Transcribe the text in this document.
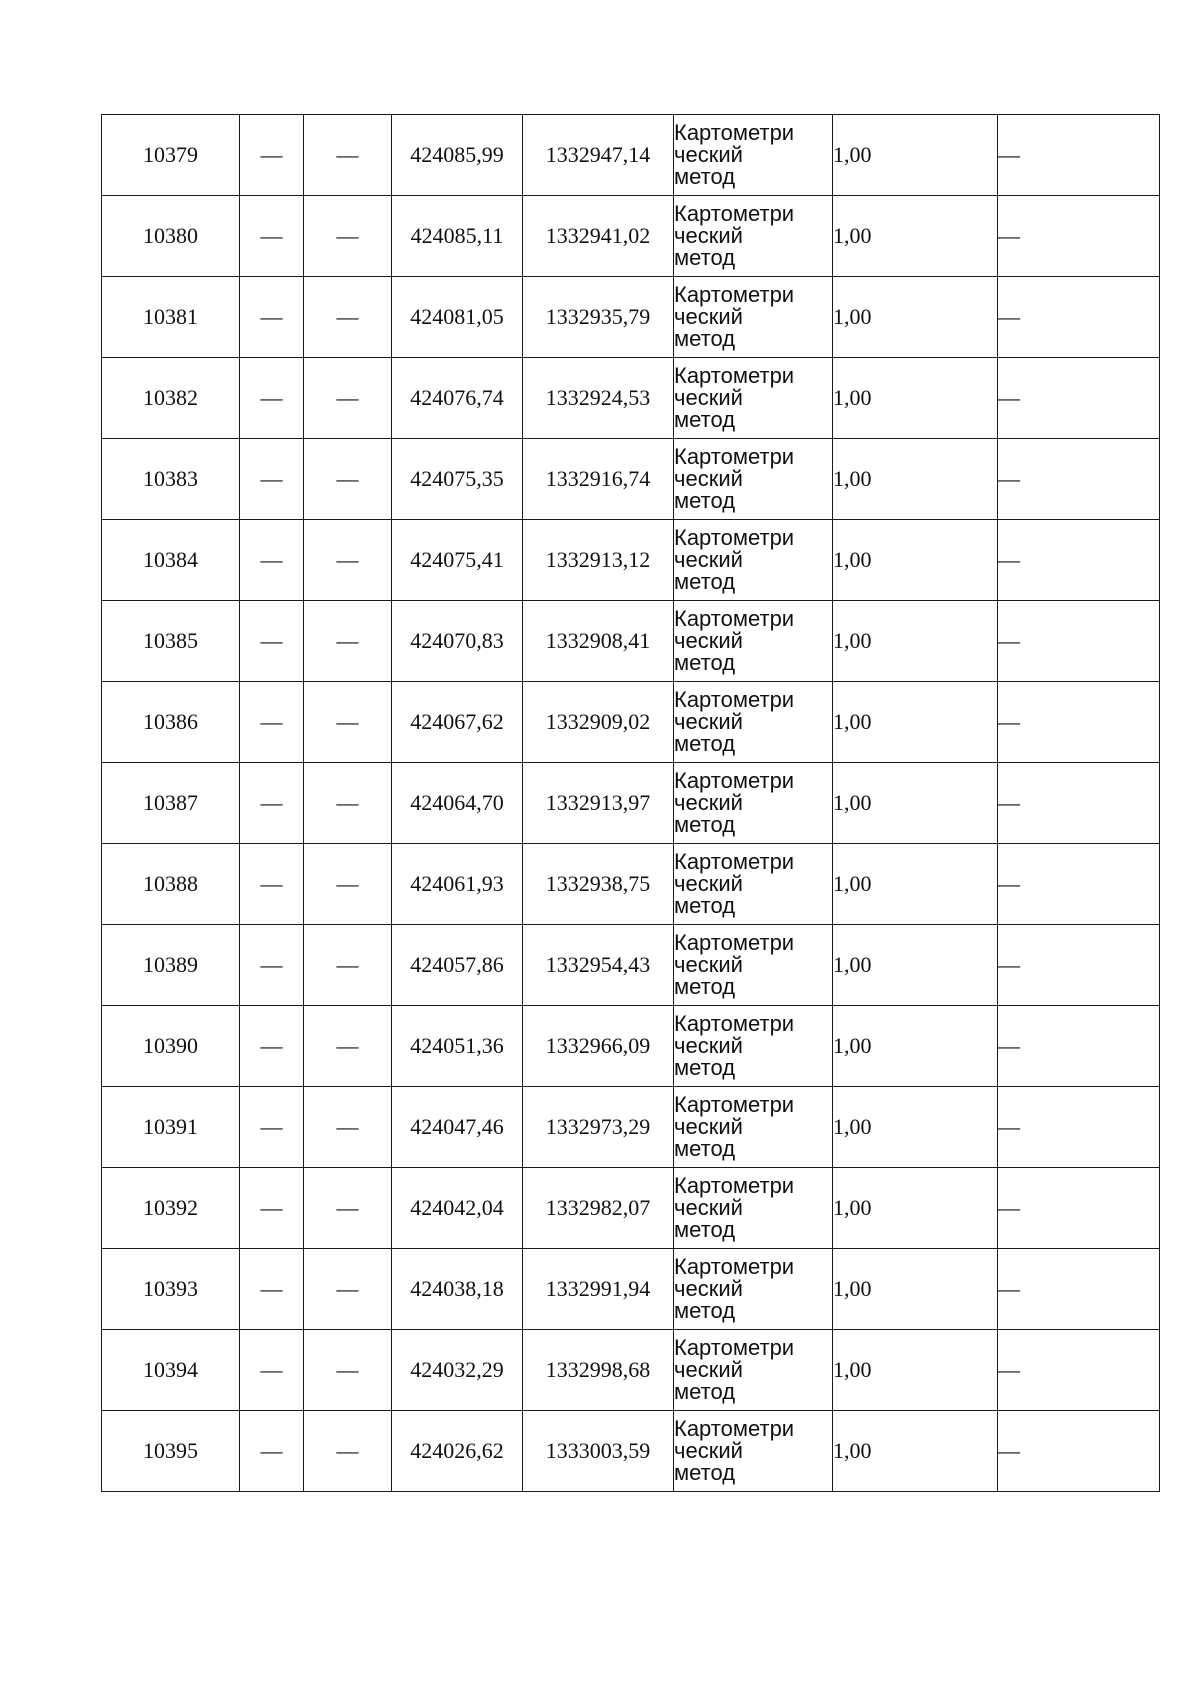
10379	—	—	424085,99	1332947,14	Картометри
ческий
метод	1,00	—
10380	—	—	424085,11	1332941,02	Картометри
ческий
метод	1,00	—
10381	—	—	424081,05	1332935,79	Картометри
ческий
метод	1,00	—
10382	—	—	424076,74	1332924,53	Картометри
ческий
метод	1,00	—
10383	—	—	424075,35	1332916,74	Картометри
ческий
метод	1,00	—
10384	—	—	424075,41	1332913,12	Картометри
ческий
метод	1,00	—
10385	—	—	424070,83	1332908,41	Картометри
ческий
метод	1,00	—
10386	—	—	424067,62	1332909,02	Картометри
ческий
метод	1,00	—
10387	—	—	424064,70	1332913,97	Картометри
ческий
метод	1,00	—
10388	—	—	424061,93	1332938,75	Картометри
ческий
метод	1,00	—
10389	—	—	424057,86	1332954,43	Картометри
ческий
метод	1,00	—
10390	—	—	424051,36	1332966,09	Картометри
ческий
метод	1,00	—
10391	—	—	424047,46	1332973,29	Картометри
ческий
метод	1,00	—
10392	—	—	424042,04	1332982,07	Картометри
ческий
метод	1,00	—
10393	—	—	424038,18	1332991,94	Картометри
ческий
метод	1,00	—
10394	—	—	424032,29	1332998,68	Картометри
ческий
метод	1,00	—
10395	—	—	424026,62	1333003,59	Картометри
ческий
метод	1,00	—
